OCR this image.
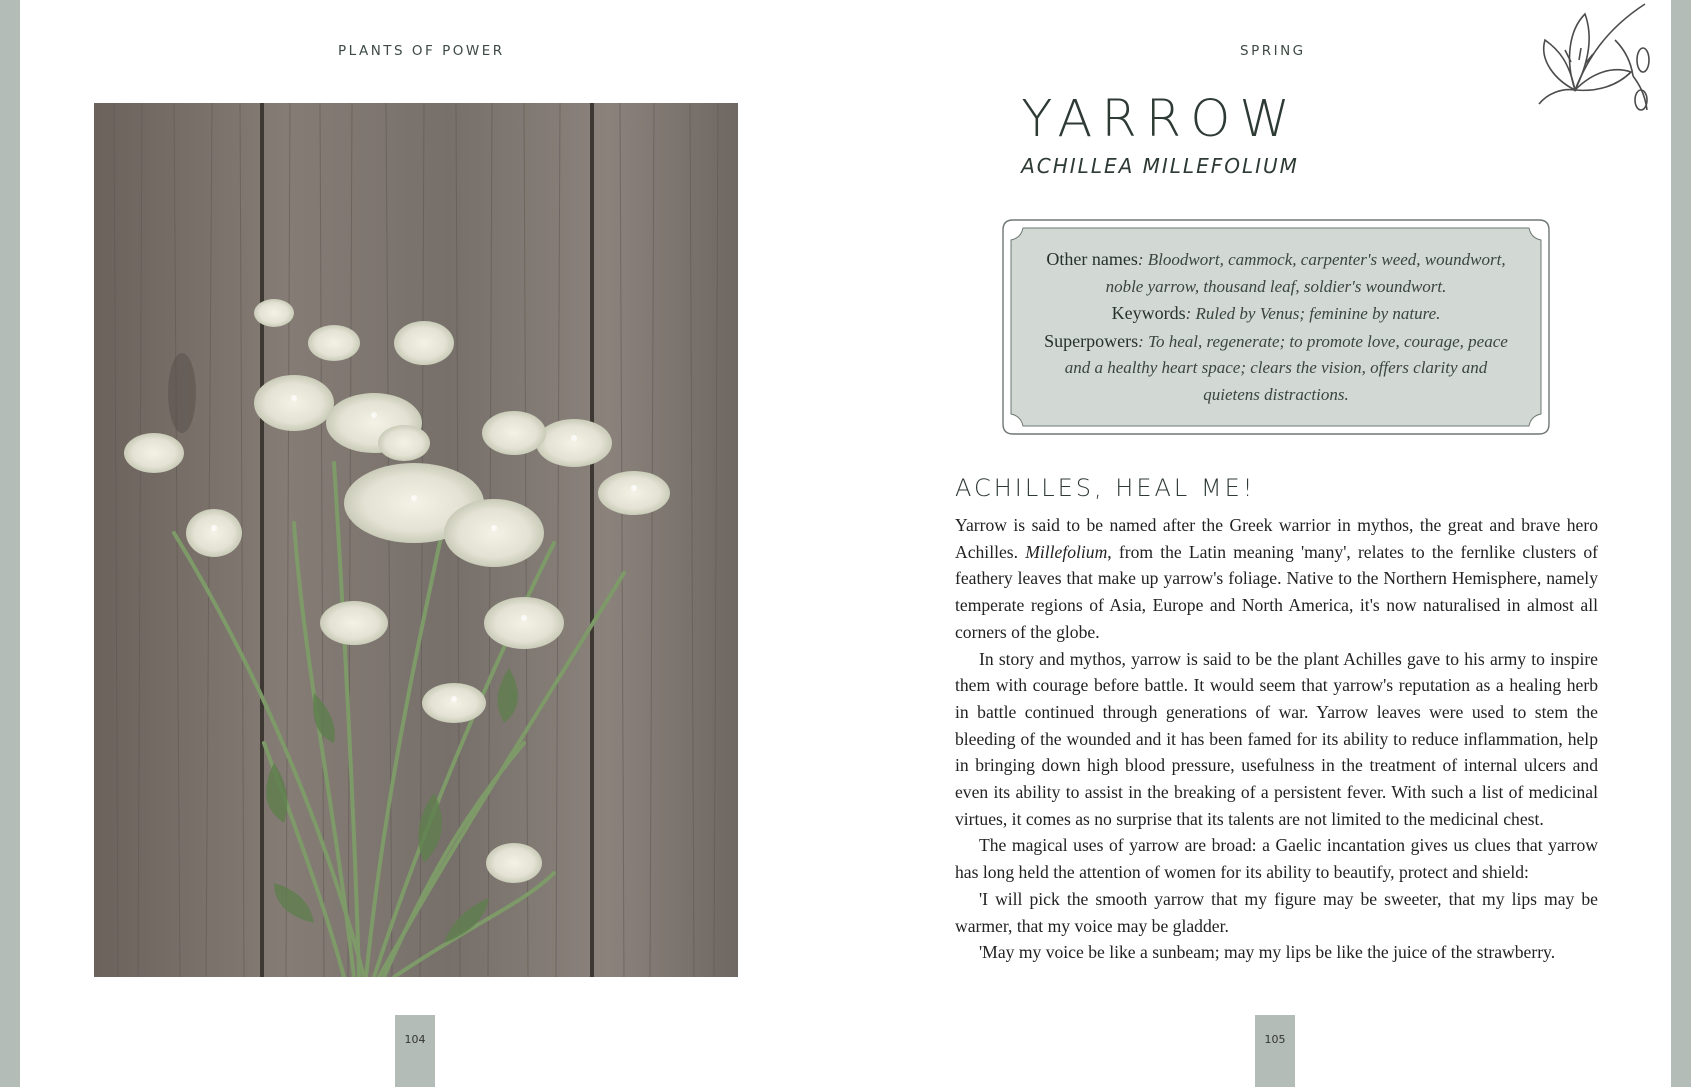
PLANTS OF POWER
104
SPRING
YARROW
ACHILLEA MILLEFOLIUM
Other names: Bloodwort, cammock, carpenter's weed, woundwort, noble yarrow, thousand leaf, soldier's woundwort.
Keywords: Ruled by Venus; feminine by nature.
Superpowers: To heal, regenerate; to promote love, courage, peace and a healthy heart space; clears the vision, offers clarity and quietens distractions.
ACHILLES, HEAL ME!

Yarrow is said to be named after the Greek warrior in mythos, the great and brave hero Achilles. Millefolium, from the Latin meaning 'many', relates to the fernlike clusters of feathery leaves that make up yarrow's foliage. Native to the Northern Hemisphere, namely temperate regions of Asia, Europe and North America, it's now naturalised in almost all corners of the globe.

In story and mythos, yarrow is said to be the plant Achilles gave to his army to inspire them with courage before battle. It would seem that yarrow's reputation as a healing herb in battle continued through generations of war. Yarrow leaves were used to stem the bleeding of the wounded and it has been famed for its ability to reduce inflammation, help in bringing down high blood pressure, usefulness in the treatment of internal ulcers and even its ability to assist in the breaking of a persistent fever. With such a list of medicinal virtues, it comes as no surprise that its talents are not limited to the medicinal chest.

The magical uses of yarrow are broad: a Gaelic incantation gives us clues that yarrow has long held the attention of women for its ability to beautify, protect and shield:

'I will pick the smooth yarrow that my figure may be sweeter, that my lips may be warmer, that my voice may be gladder.

'May my voice be like a sunbeam; may my lips be like the juice of the strawberry.

105
